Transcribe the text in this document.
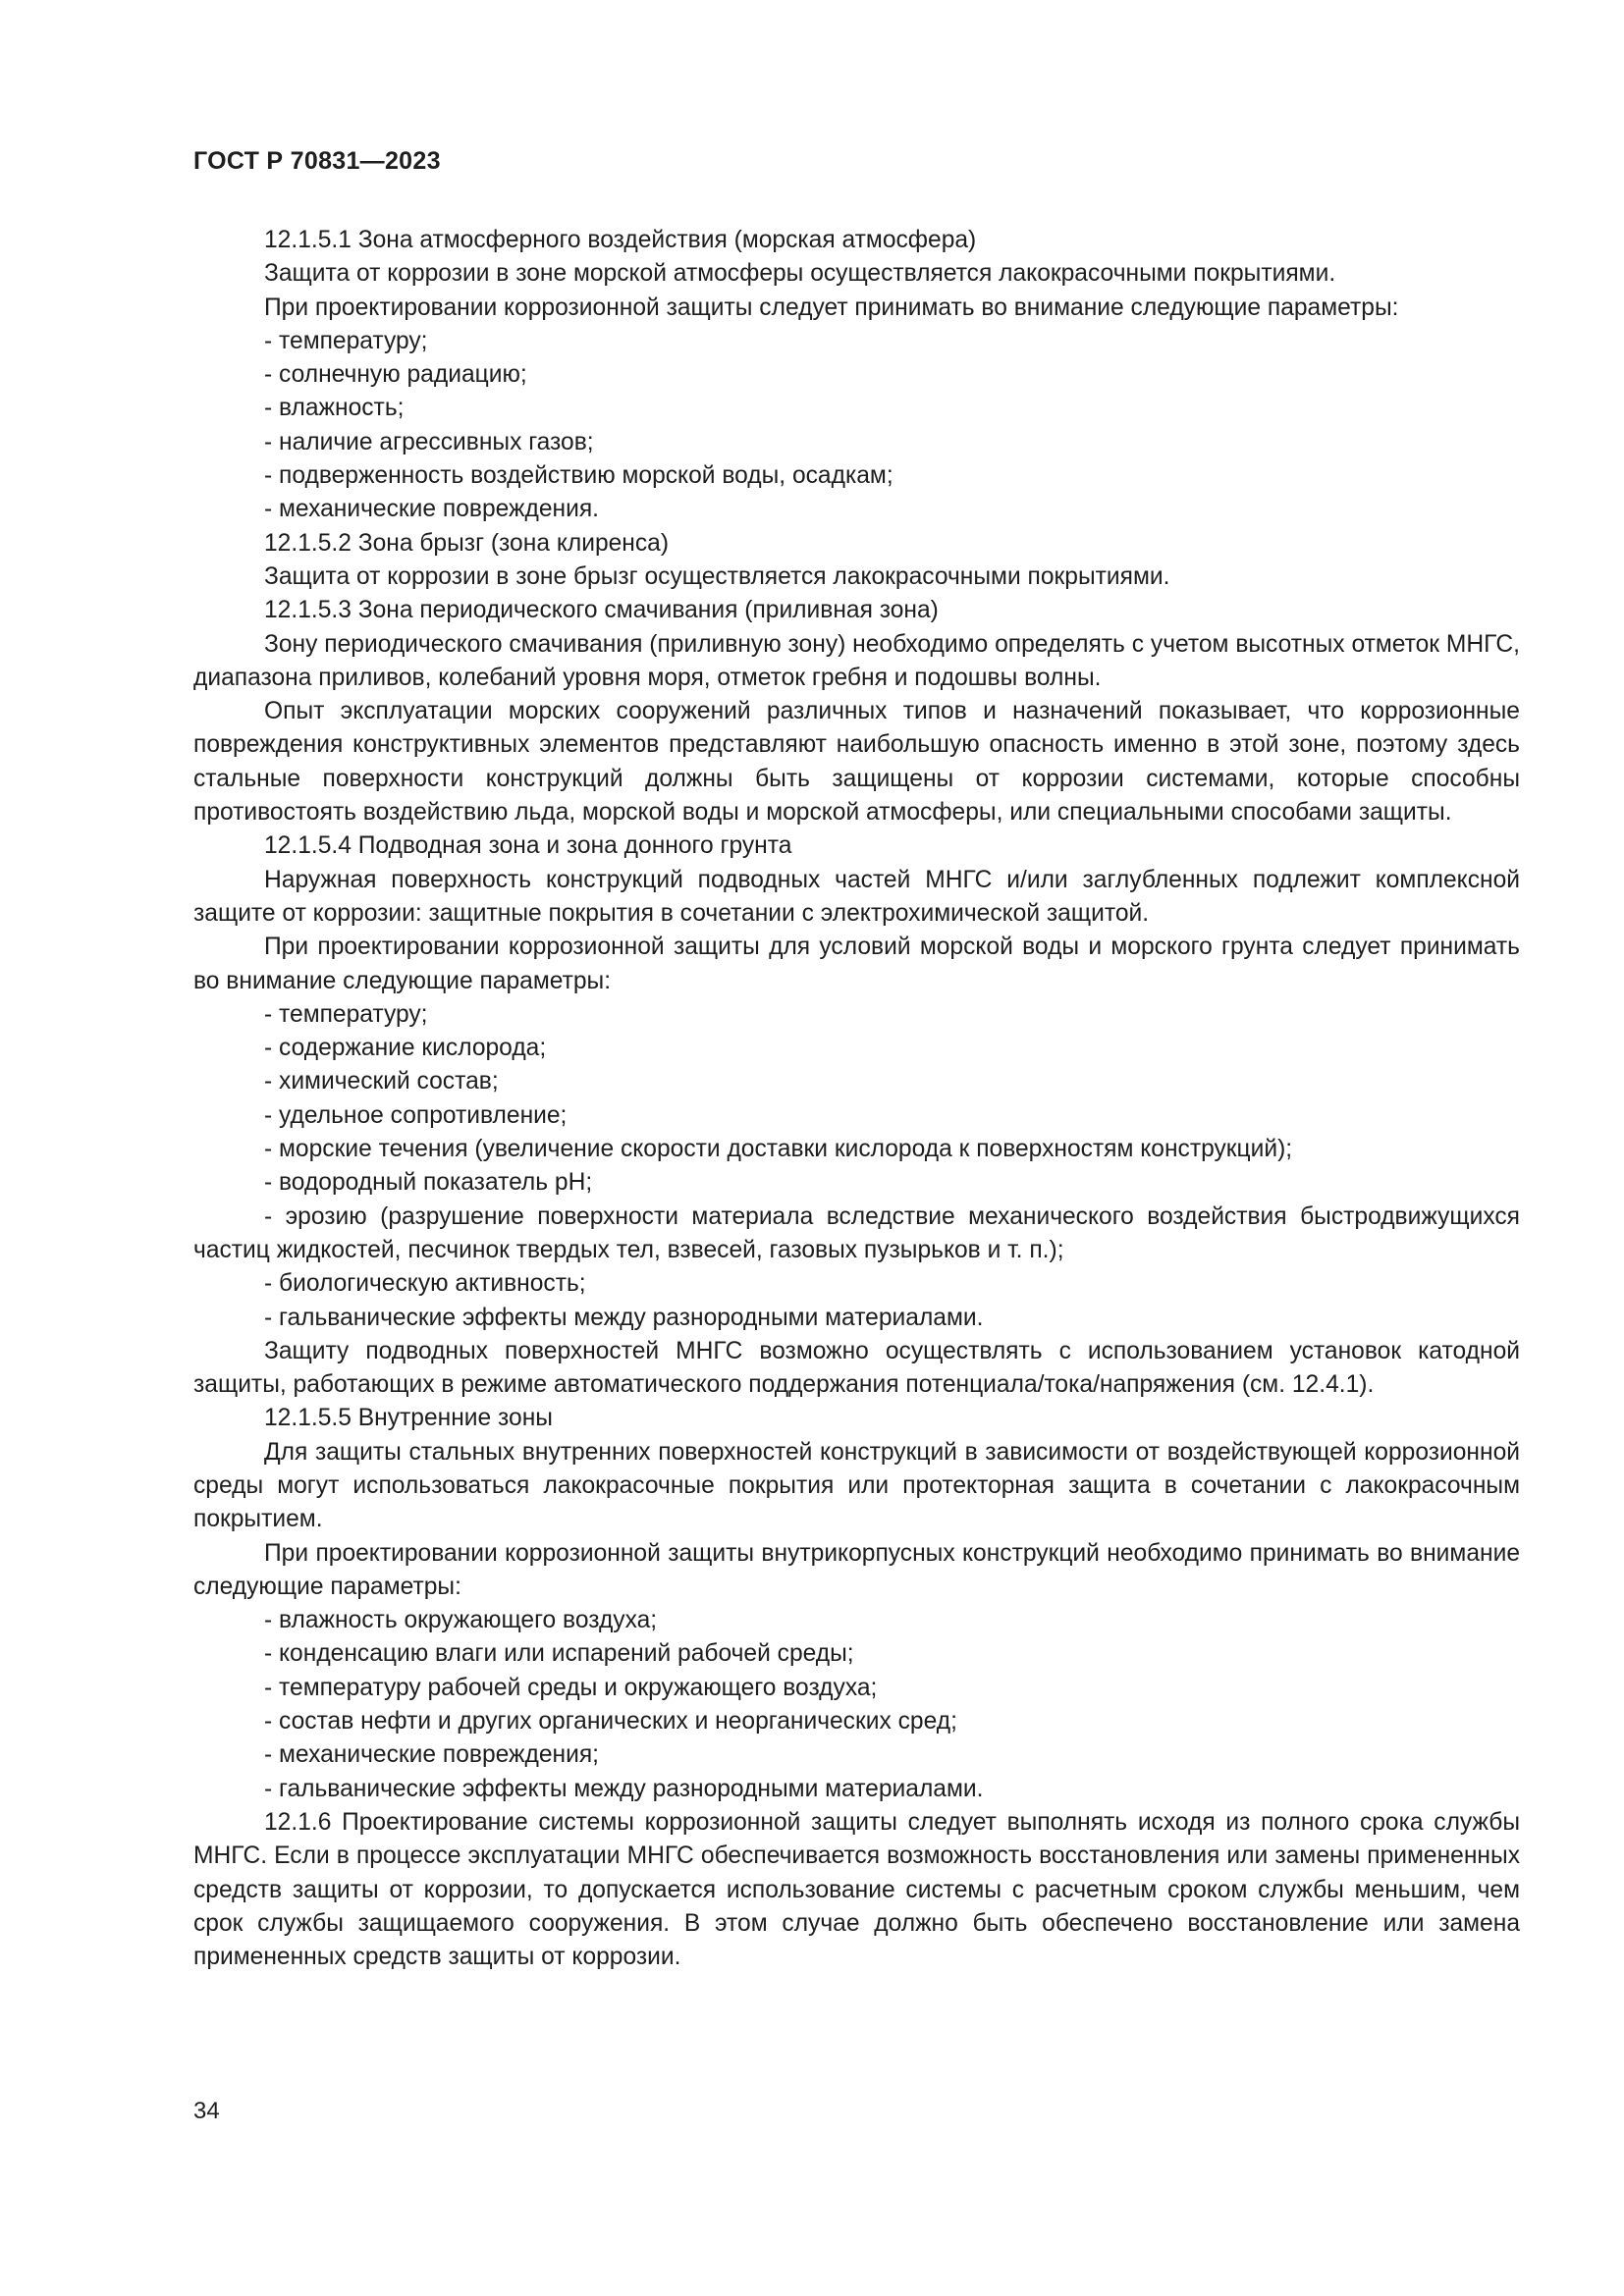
ГОСТ Р 70831—2023
12.1.5.1 Зона атмосферного воздействия (морская атмосфера)
Защита от коррозии в зоне морской атмосферы осуществляется лакокрасочными покрытиями.
При проектировании коррозионной защиты следует принимать во внимание следующие параметры:
- температуру;
- солнечную радиацию;
- влажность;
- наличие агрессивных газов;
- подверженность воздействию морской воды, осадкам;
- механические повреждения.
12.1.5.2 Зона брызг (зона клиренса)
Защита от коррозии в зоне брызг осуществляется лакокрасочными покрытиями.
12.1.5.3 Зона периодического смачивания (приливная зона)
Зону периодического смачивания (приливную зону) необходимо определять с учетом высотных отметок МНГС, диапазона приливов, колебаний уровня моря, отметок гребня и подошвы волны.
Опыт эксплуатации морских сооружений различных типов и назначений показывает, что коррозионные повреждения конструктивных элементов представляют наибольшую опасность именно в этой зоне, поэтому здесь стальные поверхности конструкций должны быть защищены от коррозии системами, которые способны противостоять воздействию льда, морской воды и морской атмосферы, или специальными способами защиты.
12.1.5.4 Подводная зона и зона донного грунта
Наружная поверхность конструкций подводных частей МНГС и/или заглубленных подлежит комплексной защите от коррозии: защитные покрытия в сочетании с электрохимической защитой.
При проектировании коррозионной защиты для условий морской воды и морского грунта следует принимать во внимание следующие параметры:
- температуру;
- содержание кислорода;
- химический состав;
- удельное сопротивление;
- морские течения (увеличение скорости доставки кислорода к поверхностям конструкций);
- водородный показатель pH;
- эрозию (разрушение поверхности материала вследствие механического воздействия быстродвижущихся частиц жидкостей, песчинок твердых тел, взвесей, газовых пузырьков и т. п.);
- биологическую активность;
- гальванические эффекты между разнородными материалами.
Защиту подводных поверхностей МНГС возможно осуществлять с использованием установок катодной защиты, работающих в режиме автоматического поддержания потенциала/тока/напряжения (см. 12.4.1).
12.1.5.5 Внутренние зоны
Для защиты стальных внутренних поверхностей конструкций в зависимости от воздействующей коррозионной среды могут использоваться лакокрасочные покрытия или протекторная защита в сочетании с лакокрасочным покрытием.
При проектировании коррозионной защиты внутрикорпусных конструкций необходимо принимать во внимание следующие параметры:
- влажность окружающего воздуха;
- конденсацию влаги или испарений рабочей среды;
- температуру рабочей среды и окружающего воздуха;
- состав нефти и других органических и неорганических сред;
- механические повреждения;
- гальванические эффекты между разнородными материалами.
12.1.6 Проектирование системы коррозионной защиты следует выполнять исходя из полного срока службы МНГС. Если в процессе эксплуатации МНГС обеспечивается возможность восстановления или замены примененных средств защиты от коррозии, то допускается использование системы с расчетным сроком службы меньшим, чем срок службы защищаемого сооружения. В этом случае должно быть обеспечено восстановление или замена примененных средств защиты от коррозии.
34
